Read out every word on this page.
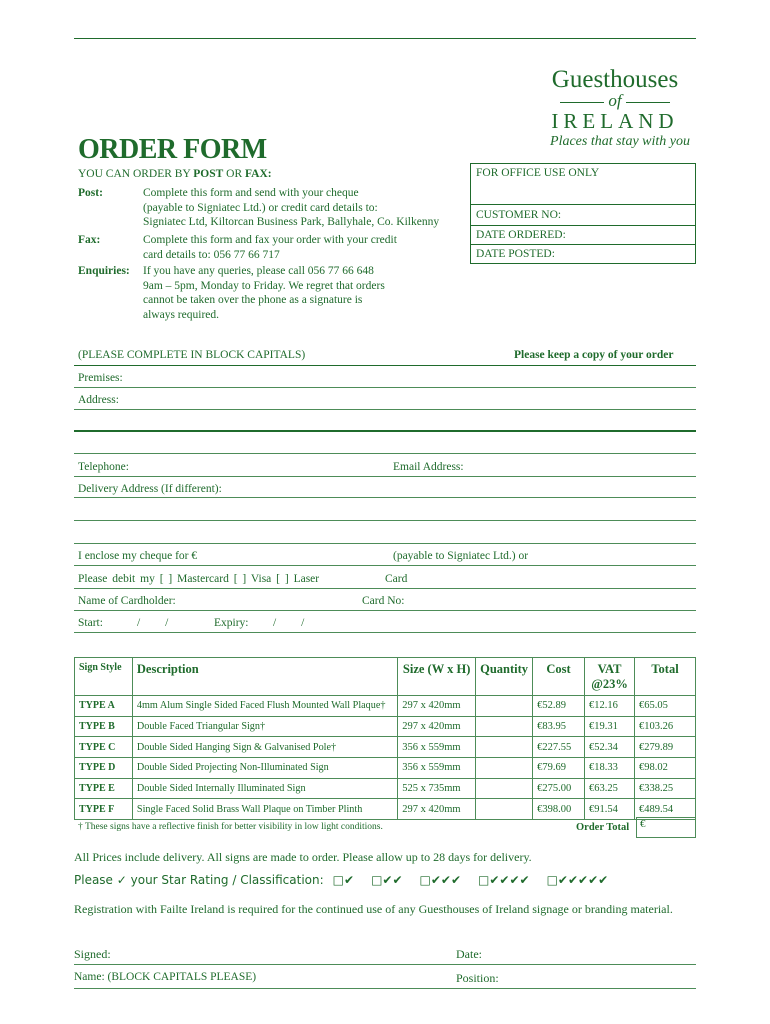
Guesthouses
of
IRELAND
Places that stay with you
ORDER FORM
YOU CAN ORDER BY POST OR FAX:
Post:	Complete this form and send with your cheque
(payable to Signiatec Ltd.) or credit card details to:
Signiatec Ltd, Kiltorcan Business Park, Ballyhale, Co. Kilkenny
Fax:	Complete this form and fax your order with your credit
card details to: 056 77 66 717
Enquiries: If you have any queries, please call 056 77 66 648
9am – 5pm, Monday to Friday. We regret that orders
cannot be taken over the phone as a signature is
always required.
FOR OFFICE USE ONLY
CUSTOMER NO:
DATE ORDERED:
DATE POSTED:
(PLEASE COMPLETE IN BLOCK CAPITALS)	Please keep a copy of your order
Premises:
Address:
Telephone:	Email Address:
Delivery Address (If different):
I enclose my cheque for €	(payable to Signiatec Ltd.) or
Please debit my [ ] Mastercard [ ] Visa [ ] Laser	Card
Name of Cardholder:	Card No:
Start:	/ /	Expiry: / /
Sign Style	Description	Size (W x H)	Quantity	Cost	VAT @23%	Total
TYPE A	4mm Alum Single Sided Faced Flush Mounted Wall Plaque†	297 x 420mm		€52.89	€12.16	€65.05
TYPE B	Double Faced Triangular Sign†	297 x 420mm		€83.95	€19.31	€103.26
TYPE C	Double Sided Hanging Sign & Galvanised Pole†	356 x 559mm		€227.55	€52.34	€279.89
TYPE D	Double Sided Projecting Non-Illuminated Sign	356 x 559mm		€79.69	€18.33	€98.02
TYPE E	Double Sided Internally Illuminated Sign	525 x 735mm		€275.00	€63.25	€338.25
TYPE F	Single Faced Solid Brass Wall Plaque on Timber Plinth	297 x 420mm		€398.00	€91.54	€489.54
† These signs have a reflective finish for better visibility in low light conditions.	Order Total €
All Prices include delivery. All signs are made to order. Please allow up to 28 days for delivery.
Please ✓ your Star Rating / Classification: □✔ □✔✔ □✔✔✔ □✔✔✔✔ □✔✔✔✔✔
Registration with Failte Ireland is required for the continued use of any Guesthouses of Ireland signage or branding material.
Signed:	Date:
Name: (BLOCK CAPITALS PLEASE)	Position:
